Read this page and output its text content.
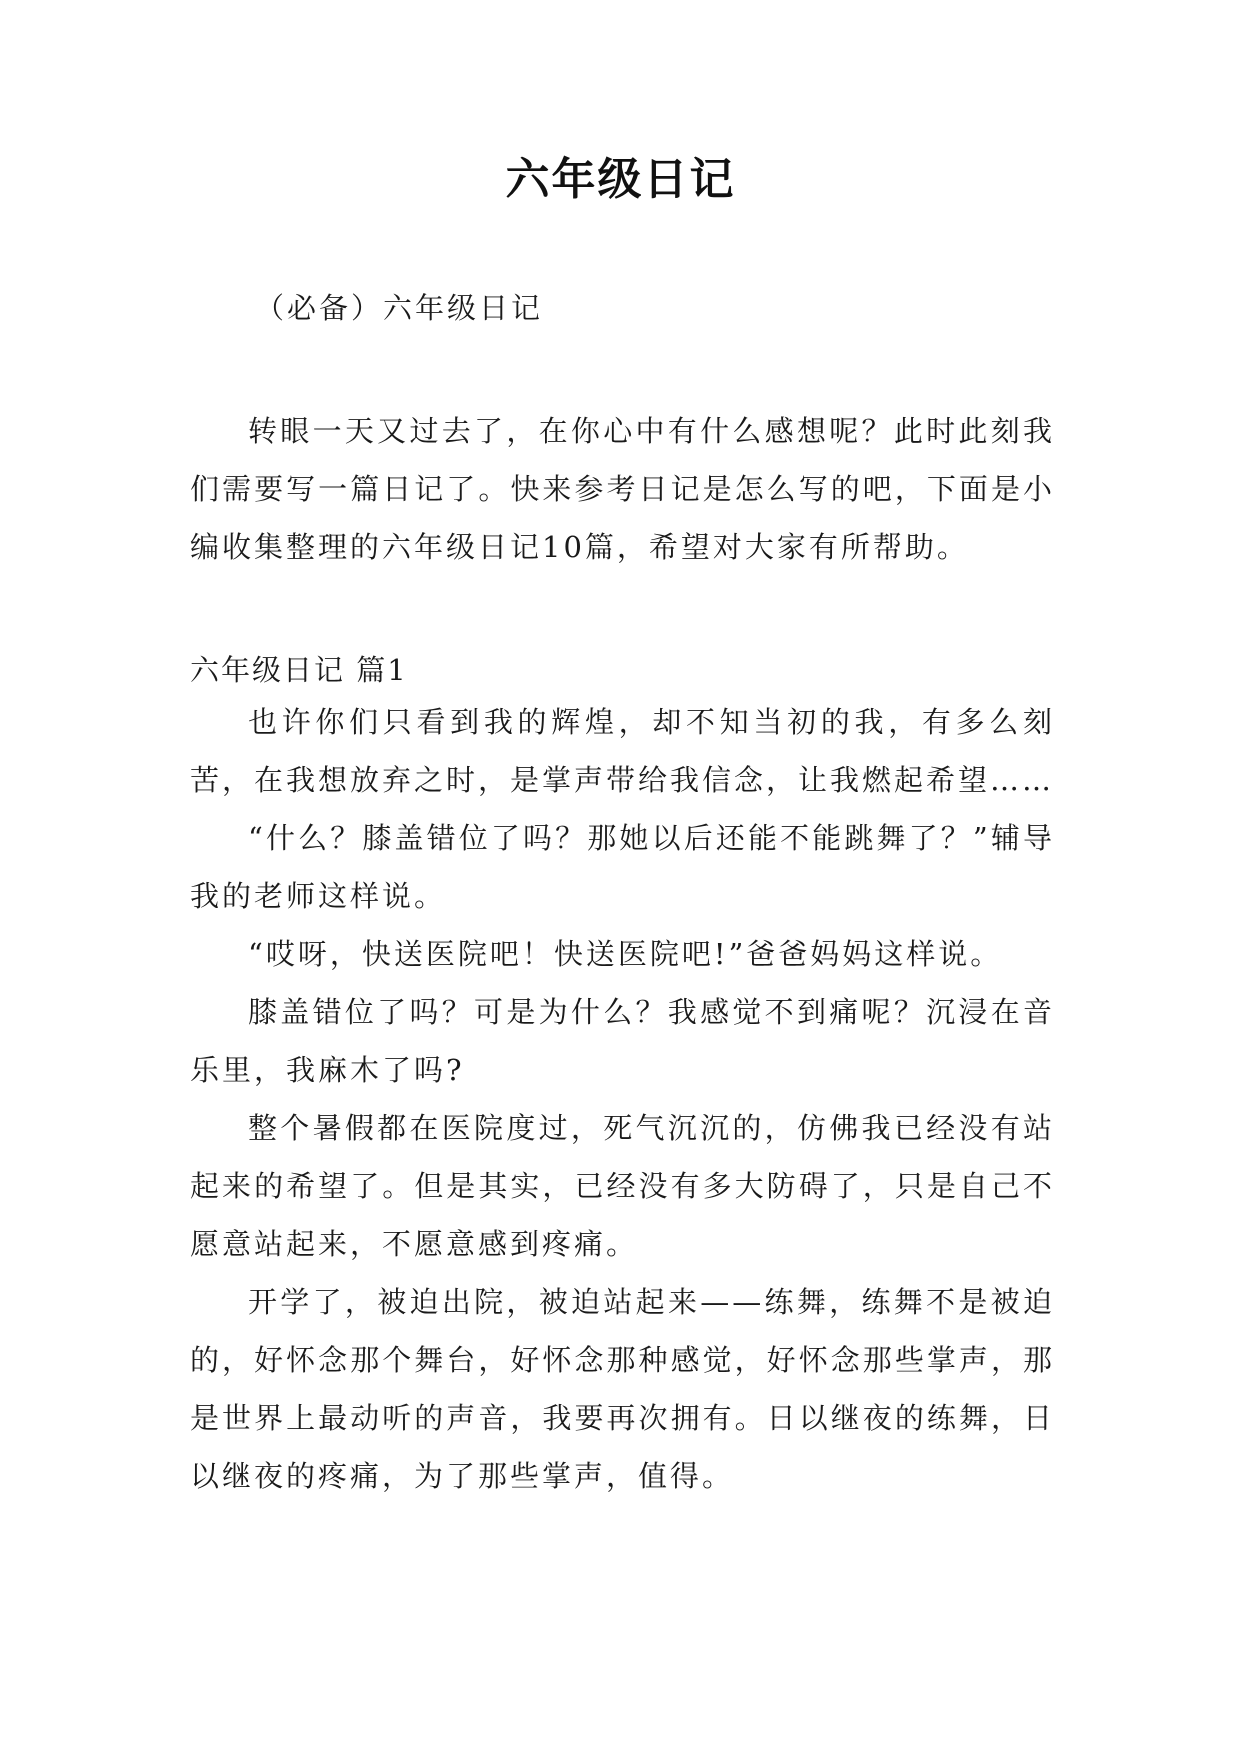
六年级日记
（必备）六年级日记

转眼一天又过去了，在你心中有什么感想呢？此时此刻我们需要写一篇日记了。快来参考日记是怎么写的吧，下面是小编收集整理的六年级日记10篇，希望对大家有所帮助。

六年级日记 篇1

也许你们只看到我的辉煌，却不知当初的我，有多么刻苦，在我想放弃之时，是掌声带给我信念，让我燃起希望……

“什么？膝盖错位了吗？那她以后还能不能跳舞了？”辅导我的老师这样说。

“哎呀，快送医院吧！快送医院吧!”爸爸妈妈这样说。

膝盖错位了吗？可是为什么？我感觉不到痛呢？沉浸在音乐里，我麻木了吗?

整个暑假都在医院度过，死气沉沉的，仿佛我已经没有站起来的希望了。但是其实，已经没有多大防碍了，只是自己不愿意站起来，不愿意感到疼痛。

开学了，被迫出院，被迫站起来——练舞，练舞不是被迫的，好怀念那个舞台，好怀念那种感觉，好怀念那些掌声，那是世界上最动听的声音，我要再次拥有。日以继夜的练舞，日以继夜的疼痛，为了那些掌声，值得。
